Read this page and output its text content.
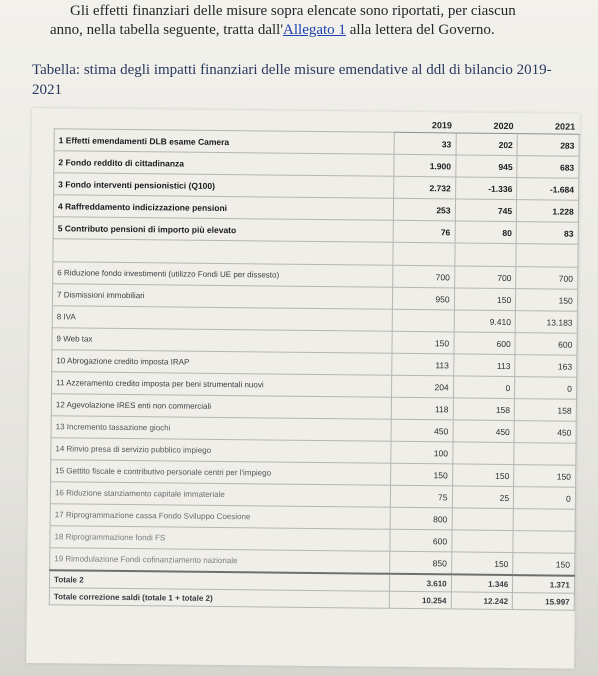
Gli effetti finanziari delle misure sopra elencate sono riportati, per ciascun
anno, nella tabella seguente, tratta dall'Allegato 1 alla lettera del Governo.
Tabella: stima degli impatti finanziari delle misure emendative al ddl di bilancio 2019-2021
	2019	2020	2021
1 Effetti emendamenti DLB esame Camera	33	202	283
2 Fondo reddito di cittadinanza	1.900	945	683
3 Fondo interventi pensionistici (Q100)	2.732	-1.336	-1.684
4 Raffreddamento indicizzazione pensioni	253	745	1.228
5 Contributo pensioni di importo più elevato	76	80	83

6 Riduzione fondo investimenti (utilizzo Fondi UE per dissesto)	700	700	700
7 Dismissioni immobiliari	950	150	150
8 IVA		9.410	13.183
9 Web tax	150	600	600
10 Abrogazione credito imposta IRAP	113	113	163
11 Azzeramento credito imposta per beni strumentali nuovi	204	0	0
12 Agevolazione IRES enti non commerciali	118	158	158
13 Incremento tassazione giochi	450	450	450
14 Rinvio presa di servizio pubblico impiego	100		
15 Gettito fiscale e contributivo personale centri per l'impiego	150	150	150
16 Riduzione stanziamento capitale immateriale	75	25	0
17 Riprogrammazione cassa Fondo Sviluppo Coesione	800		
18 Riprogrammazione fondi FS	600		
19 Rimodulazione Fondi cofinanziamento nazionale	850	150	150
Totale 2	3.610	1.346	1.371
Totale correzione saldi (totale 1 + totale 2)	10.254	12.242	15.997
